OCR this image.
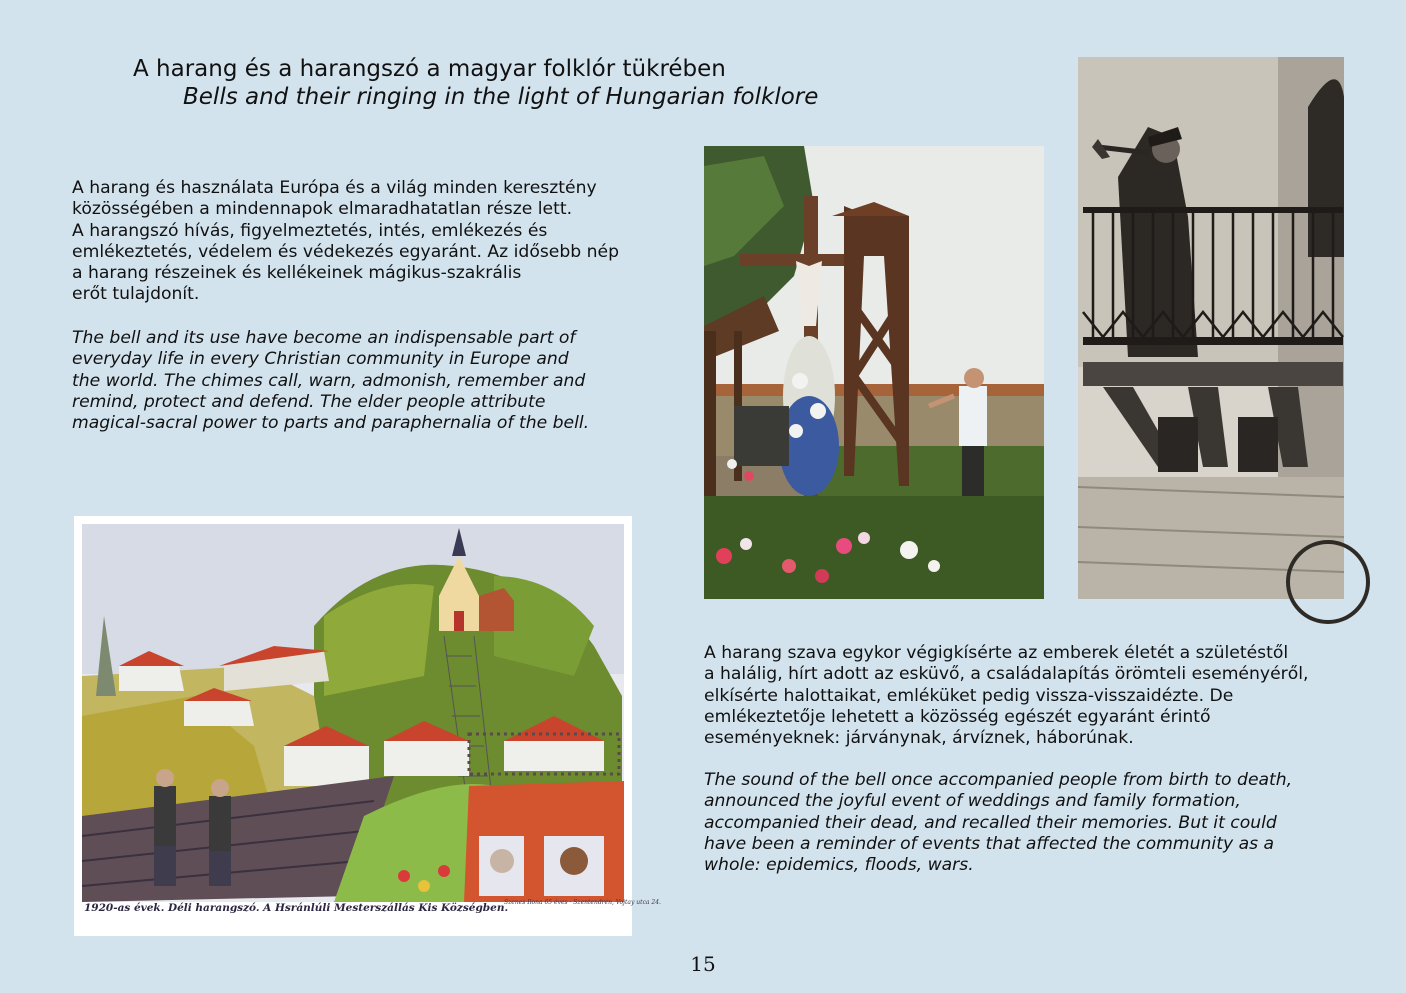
A harang és a harangszó a magyar folklór tükrében
Bells and their ringing in the light of Hungarian folklore
A harang és használata Európa és a világ minden keresztény
közösségében a mindennapok elmaradhatatlan része lett.
A harangszó hívás, figyelmeztetés, intés, emlékezés és
emlékeztetés, védelem és védekezés egyaránt. Az idősebb nép
a harang részeinek és kellékeinek mágikus-szakrális
erőt tulajdonít.
The bell and its use have become an indispensable part of
everyday life in every Christian community in Europe and
the world. The chimes call, warn, admonish, remember and
remind, protect and defend. The elder people attribute
magical-sacral power to parts and paraphernalia of the bell.
1920-as évek. Déli harangszó. A Hsránlúli Mesterszállás Kis Községben.
Szenes Ilona 65 éves · Szentendrén, Vojtay utca 24.
A harang szava egykor végigkísérte az emberek életét a születéstől
a halálig, hírt adott az esküvő, a családalapítás örömteli eseményéről,
elkísérte halottaikat, emléküket pedig vissza-visszaidézte. De
emlékeztetője lehetett a közösség egészét egyaránt érintő
eseményeknek: járványnak, árvíznek, háborúnak.
The sound of the bell once accompanied people from birth to death,
announced the joyful event of weddings and family formation,
accompanied their dead, and recalled their memories. But it could
have been a reminder of events that affected the community as a
whole: epidemics, floods, wars.
15
